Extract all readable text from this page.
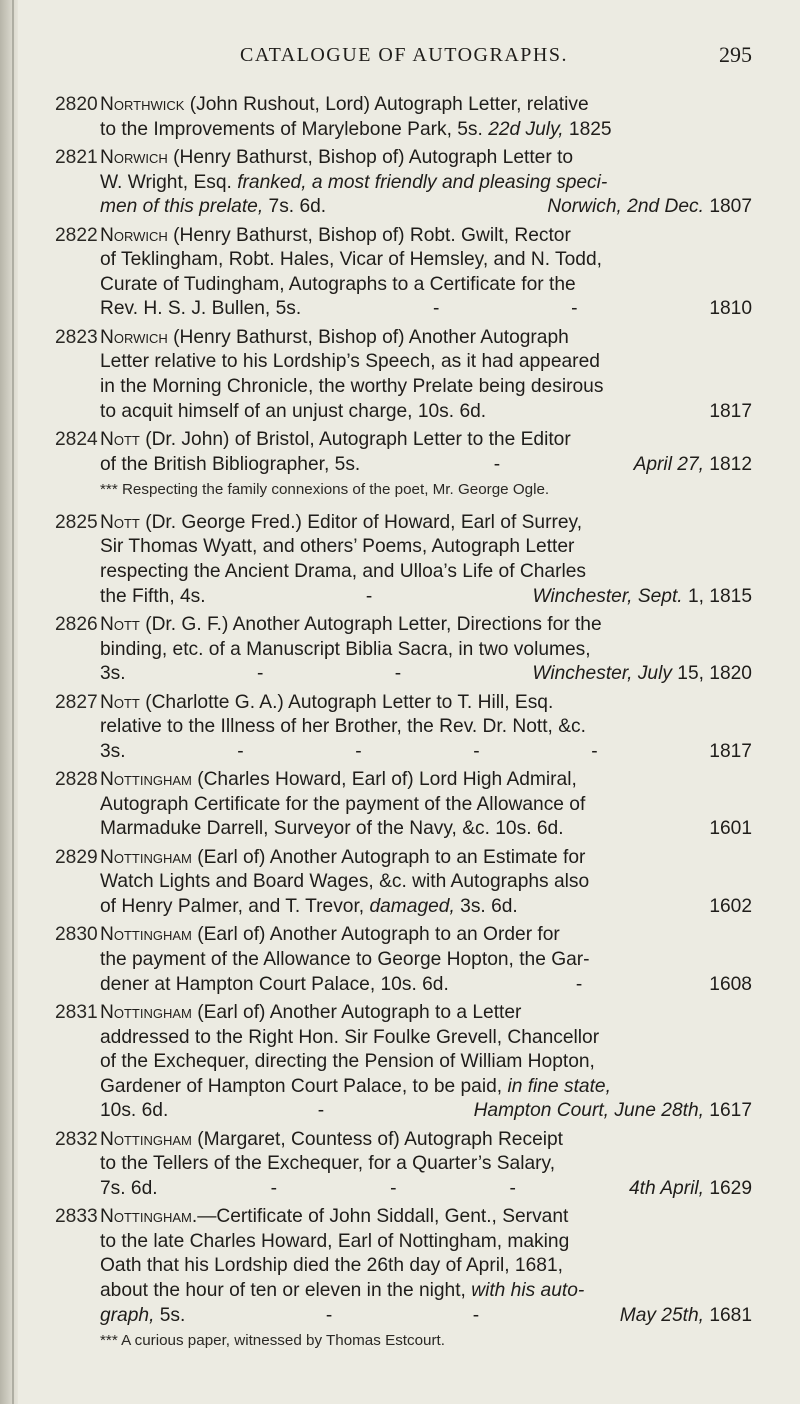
CATALOGUE OF AUTOGRAPHS.	295
2820 Northwick (John Rushout, Lord) Autograph Letter, relative
to the Improvements of Marylebone Park, 5s. 22d July, 1825
2821 Norwich (Henry Bathurst, Bishop of) Autograph Letter to
W. Wright, Esq. franked, a most friendly and pleasing speci-
men of this prelate, 7s. 6d.	Norwich, 2nd Dec. 1807
2822 Norwich (Henry Bathurst, Bishop of) Robt. Gwilt, Rector
of Teklingham, Robt. Hales, Vicar of Hemsley, and N. Todd,
Curate of Tudingham, Autographs to a Certificate for the
Rev. H. S. J. Bullen, 5s.	-	-	1810
2823 Norwich (Henry Bathurst, Bishop of) Another Autograph
Letter relative to his Lordship’s Speech, as it had appeared
in the Morning Chronicle, the worthy Prelate being desirous
to acquit himself of an unjust charge, 10s. 6d.	1817
2824 Nott (Dr. John) of Bristol, Autograph Letter to the Editor
of the British Bibliographer, 5s.	-	April 27, 1812
*** Respecting the family connexions of the poet, Mr. George Ogle.
2825 Nott (Dr. George Fred.) Editor of Howard, Earl of Surrey,
Sir Thomas Wyatt, and others’ Poems, Autograph Letter
respecting the Ancient Drama, and Ulloa’s Life of Charles
the Fifth, 4s.	-	Winchester, Sept. 1, 1815
2826 Nott (Dr. G. F.) Another Autograph Letter, Directions for the
binding, etc. of a Manuscript Biblia Sacra, in two volumes,
3s.	-	-	Winchester, July 15, 1820
2827 Nott (Charlotte G. A.) Autograph Letter to T. Hill, Esq.
relative to the Illness of her Brother, the Rev. Dr. Nott, &c.
3s.	-	-	-	-	1817
2828 Nottingham (Charles Howard, Earl of) Lord High Admiral,
Autograph Certificate for the payment of the Allowance of
Marmaduke Darrell, Surveyor of the Navy, &c. 10s. 6d.	1601
2829 Nottingham (Earl of) Another Autograph to an Estimate for
Watch Lights and Board Wages, &c. with Autographs also
of Henry Palmer, and T. Trevor, damaged, 3s. 6d.	1602
2830 Nottingham (Earl of) Another Autograph to an Order for
the payment of the Allowance to George Hopton, the Gar-
dener at Hampton Court Palace, 10s. 6d.	-	1608
2831 Nottingham (Earl of) Another Autograph to a Letter
addressed to the Right Hon. Sir Foulke Grevell, Chancellor
of the Exchequer, directing the Pension of William Hopton,
Gardener of Hampton Court Palace, to be paid, in fine state,
10s. 6d.	-	Hampton Court, June 28th, 1617
2832 Nottingham (Margaret, Countess of) Autograph Receipt
to the Tellers of the Exchequer, for a Quarter’s Salary,
7s. 6d.	-	-	-	4th April, 1629
2833 Nottingham.—Certificate of John Siddall, Gent., Servant
to the late Charles Howard, Earl of Nottingham, making
Oath that his Lordship died the 26th day of April, 1681,
about the hour of ten or eleven in the night, with his auto-
graph, 5s.	-	-	May 25th, 1681
*** A curious paper, witnessed by Thomas Estcourt.
